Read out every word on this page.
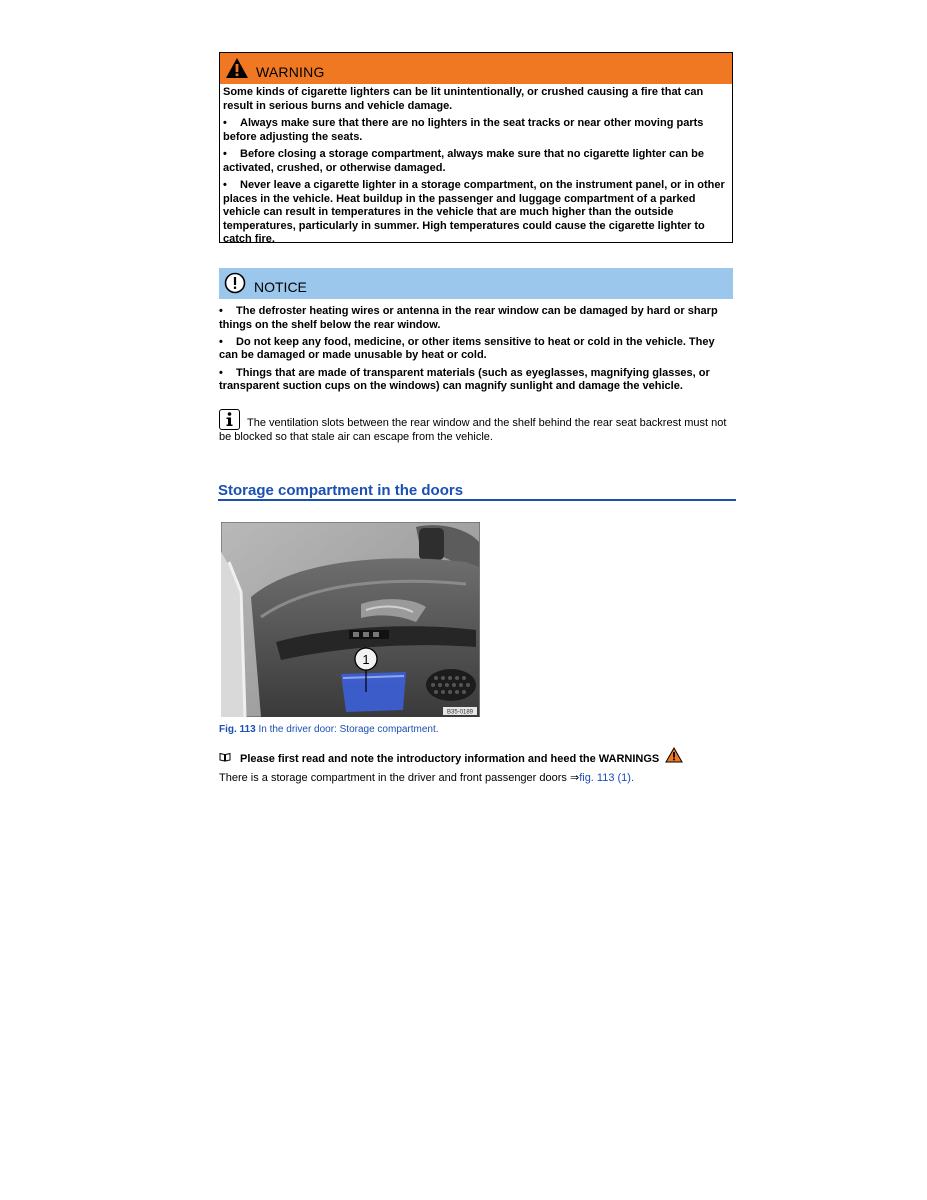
WARNING

Some kinds of cigarette lighters can be lit unintentionally, or crushed causing a fire that can result in serious burns and vehicle damage.

• Always make sure that there are no lighters in the seat tracks or near other moving parts before adjusting the seats.

• Before closing a storage compartment, always make sure that no cigarette lighter can be activated, crushed, or otherwise damaged.

• Never leave a cigarette lighter in a storage compartment, on the instrument panel, or in other places in the vehicle. Heat buildup in the passenger and luggage compartment of a parked vehicle can result in temperatures in the vehicle that are much higher than the outside temperatures, particularly in summer. High temperatures could cause the cigarette lighter to catch fire.

NOTICE

• The defroster heating wires or antenna in the rear window can be damaged by hard or sharp things on the shelf below the rear window.

• Do not keep any food, medicine, or other items sensitive to heat or cold in the vehicle. They can be damaged or made unusable by heat or cold.

• Things that are made of transparent materials (such as eyeglasses, magnifying glasses, or transparent suction cups on the windows) can magnify sunlight and damage the vehicle.

The ventilation slots between the rear window and the shelf behind the rear seat backrest must not be blocked so that stale air can escape from the vehicle.
Storage compartment in the doors
1
B35-0189
Fig. 113 In the driver door: Storage compartment.
Please first read and note the introductory information and heed the WARNINGS
There is a storage compartment in the driver and front passenger doors ⇒fig. 113 (1).
